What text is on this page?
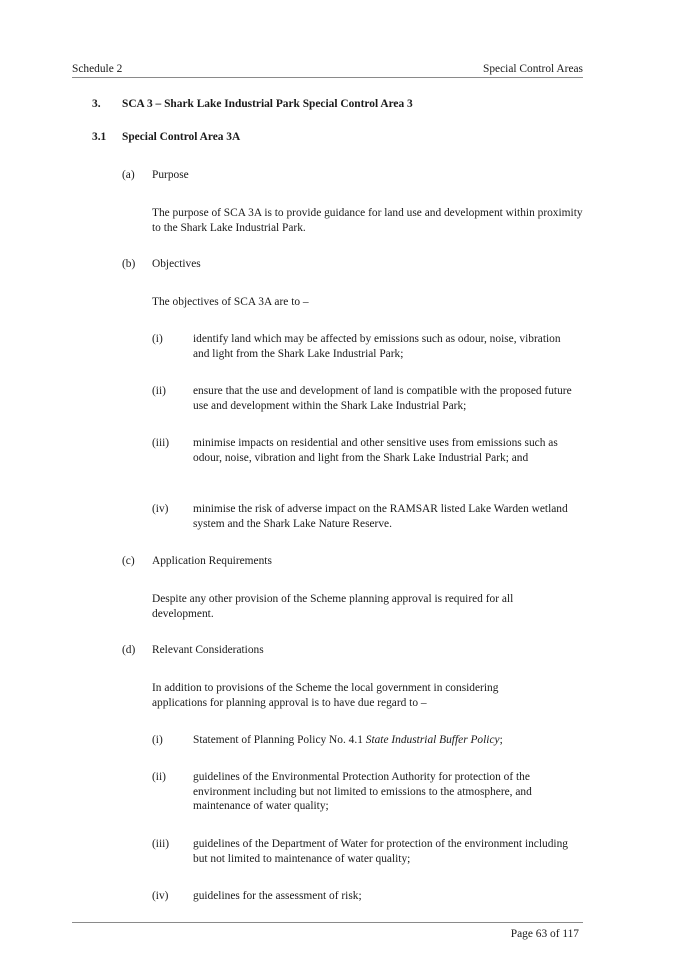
Schedule 2	Special Control Areas
3. SCA 3 – Shark Lake Industrial Park Special Control Area 3
3.1 Special Control Area 3A
(a) Purpose
The purpose of SCA 3A is to provide guidance for land use and development within proximity to the Shark Lake Industrial Park.
(b) Objectives
The objectives of SCA 3A are to –
(i)	identify land which may be affected by emissions such as odour, noise, vibration and light from the Shark Lake Industrial Park;
(ii) ensure that the use and development of land is compatible with the proposed future use and development within the Shark Lake Industrial Park;
(iii) minimise impacts on residential and other sensitive uses from emissions such as odour, noise, vibration and light from the Shark Lake Industrial Park; and
(iv) minimise the risk of adverse impact on the RAMSAR listed Lake Warden wetland system and the Shark Lake Nature Reserve.
(c) Application Requirements
Despite any other provision of the Scheme planning approval is required for all development.
(d) Relevant Considerations
In addition to provisions of the Scheme the local government in considering applications for planning approval is to have due regard to –
(i)	Statement of Planning Policy No. 4.1 State Industrial Buffer Policy;
(ii) guidelines of the Environmental Protection Authority for protection of the environment including but not limited to emissions to the atmosphere, and maintenance of water quality;
(iii) guidelines of the Department of Water for protection of the environment including but not limited to maintenance of water quality;
(iv) guidelines for the assessment of risk;
Page 63 of 117
